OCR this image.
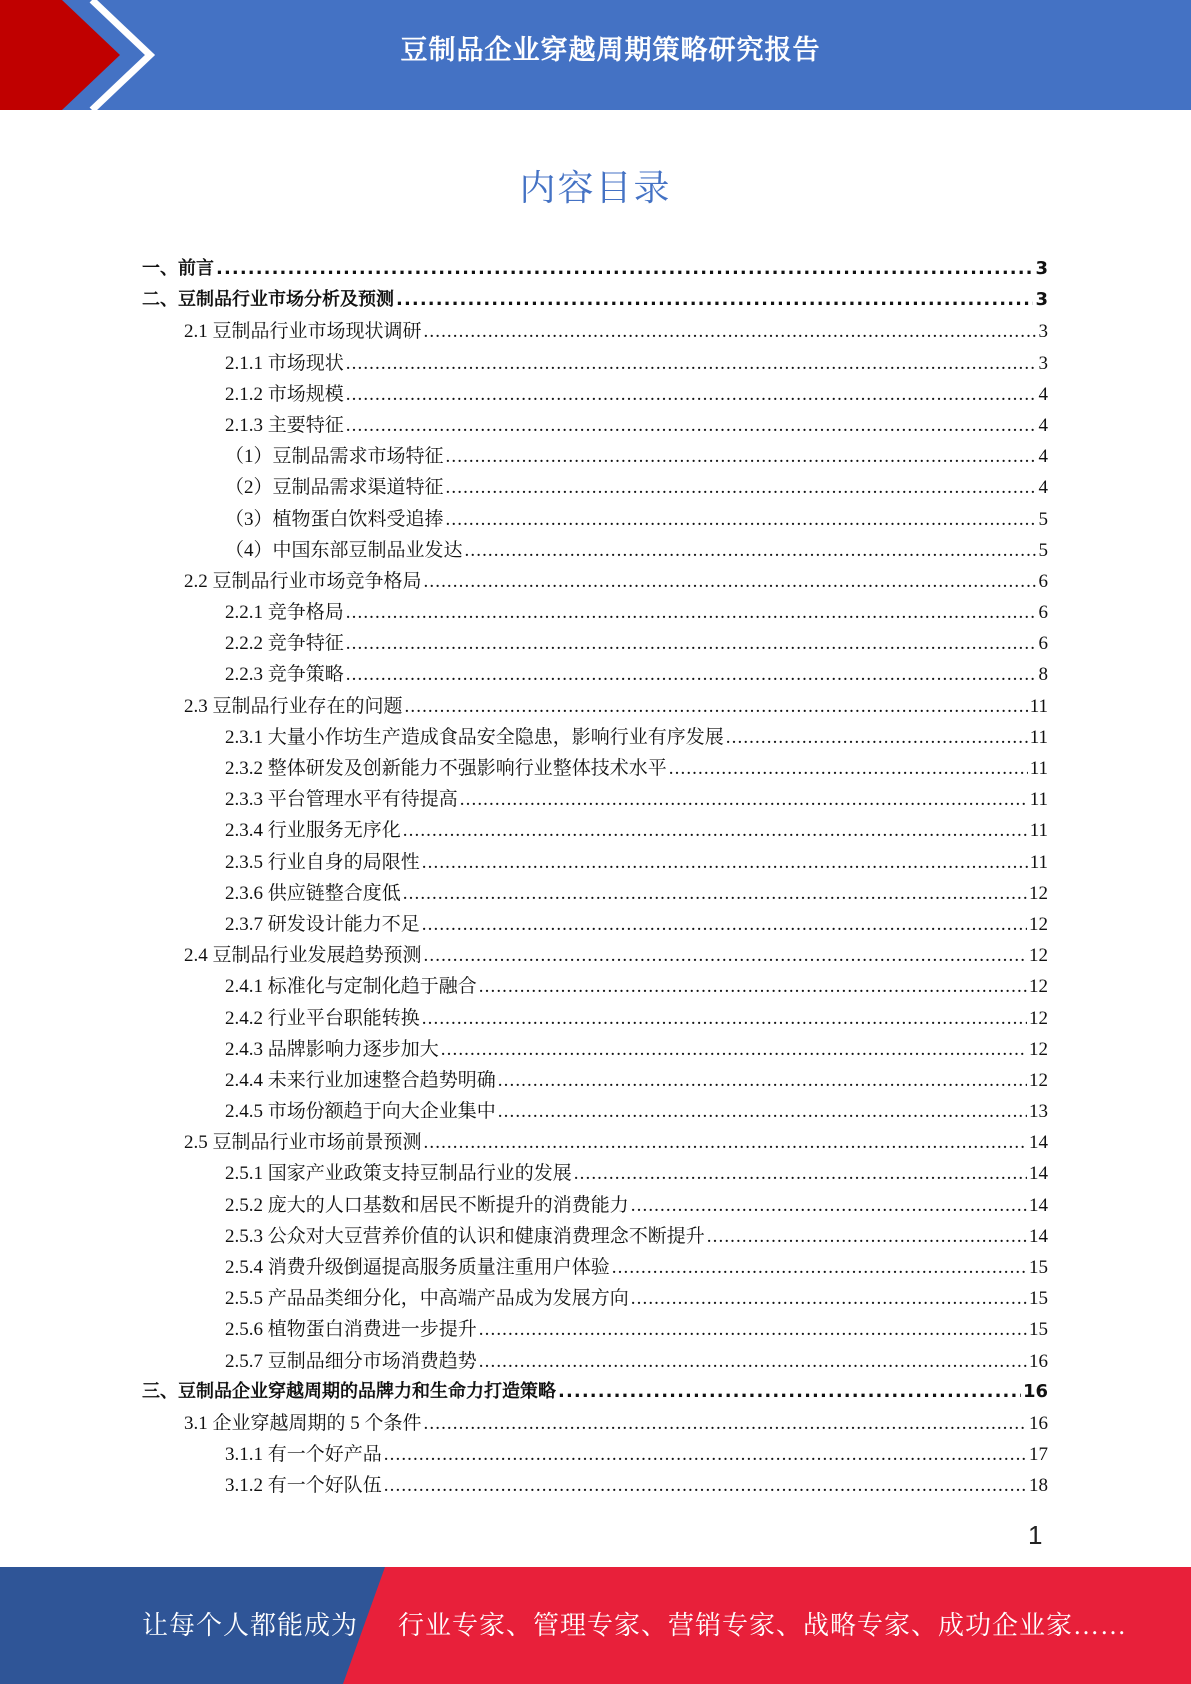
豆制品企业穿越周期策略研究报告
内容目录
一、前言 .....	3
二、豆制品行业市场分析及预测 .....	3
2.1 豆制品行业市场现状调研 .....	3
2.1.1 市场现状 .....	3
2.1.2 市场规模 .....	4
2.1.3 主要特征 .....	4
（1）豆制品需求市场特征 .....	4
（2）豆制品需求渠道特征 .....	4
（3）植物蛋白饮料受追捧 .....	5
（4）中国东部豆制品业发达 .....	5
2.2 豆制品行业市场竞争格局 .....	6
2.2.1 竞争格局 .....	6
2.2.2 竞争特征 .....	6
2.2.3 竞争策略 .....	8
2.3 豆制品行业存在的问题 .....	11
2.3.1 大量小作坊生产造成食品安全隐患，影响行业有序发展 .....	11
2.3.2 整体研发及创新能力不强影响行业整体技术水平 .....	11
2.3.3 平台管理水平有待提高 .....	11
2.3.4 行业服务无序化 .....	11
2.3.5 行业自身的局限性 .....	11
2.3.6 供应链整合度低 .....	12
2.3.7 研发设计能力不足 .....	12
2.4 豆制品行业发展趋势预测 .....	12
2.4.1 标准化与定制化趋于融合 .....	12
2.4.2 行业平台职能转换 .....	12
2.4.3 品牌影响力逐步加大 .....	12
2.4.4 未来行业加速整合趋势明确 .....	12
2.4.5 市场份额趋于向大企业集中 .....	13
2.5 豆制品行业市场前景预测 .....	14
2.5.1 国家产业政策支持豆制品行业的发展 .....	14
2.5.2 庞大的人口基数和居民不断提升的消费能力 .....	14
2.5.3 公众对大豆营养价值的认识和健康消费理念不断提升 .....	14
2.5.4 消费升级倒逼提高服务质量注重用户体验 .....	15
2.5.5 产品品类细分化，中高端产品成为发展方向 .....	15
2.5.6 植物蛋白消费进一步提升 .....	15
2.5.7 豆制品细分市场消费趋势 .....	16
三、豆制品企业穿越周期的品牌力和生命力打造策略 .....	16
3.1 企业穿越周期的 5 个条件 .....	16
3.1.1 有一个好产品 .....	17
3.1.2 有一个好队伍 .....	18
1
让每个人都能成为 行业专家、管理专家、营销专家、战略专家、成功企业家……
